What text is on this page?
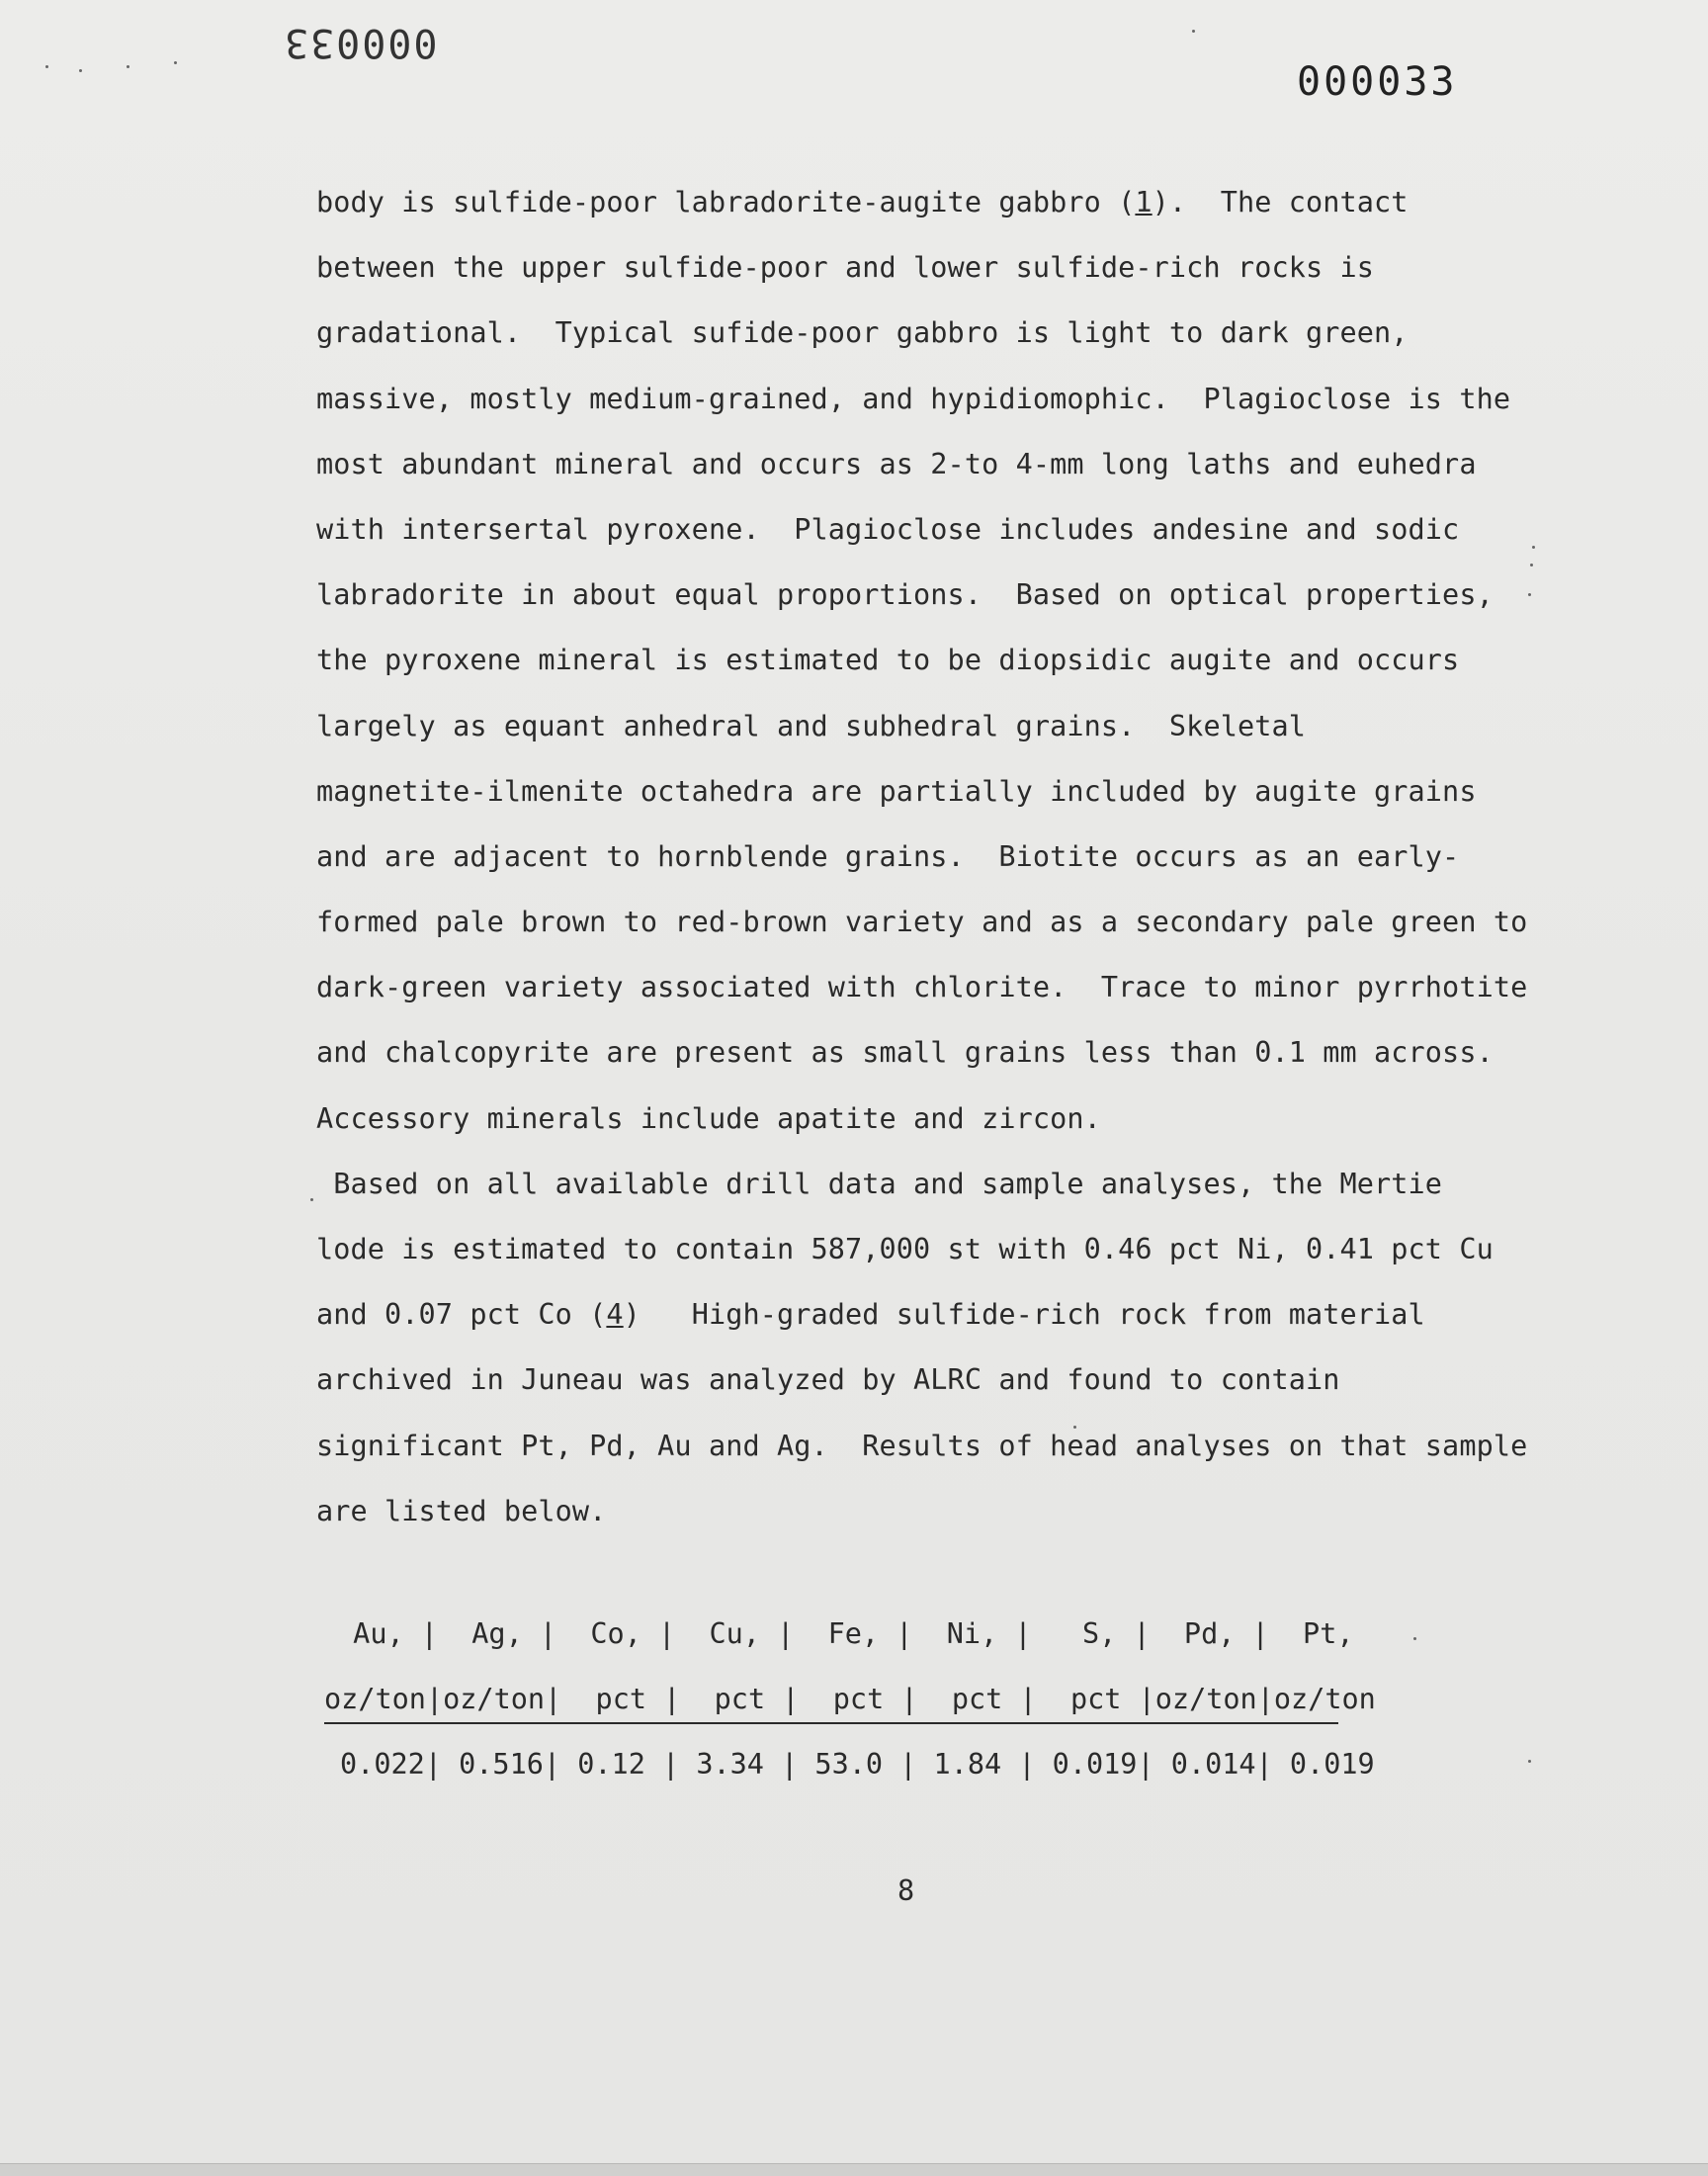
000033
000033
body is sulfide-poor labradorite-augite gabbro (1).  The contact
between the upper sulfide-poor and lower sulfide-rich rocks is
gradational.  Typical sufide-poor gabbro is light to dark green,
massive, mostly medium-grained, and hypidiomophic.  Plagioclose is the
most abundant mineral and occurs as 2-to 4-mm long laths and euhedra
with intersertal pyroxene.  Plagioclose includes andesine and sodic
labradorite in about equal proportions.  Based on optical properties,
the pyroxene mineral is estimated to be diopsidic augite and occurs
largely as equant anhedral and subhedral grains.  Skeletal
magnetite-ilmenite octahedra are partially included by augite grains
and are adjacent to hornblende grains.  Biotite occurs as an early-
formed pale brown to red-brown variety and as a secondary pale green to
dark-green variety associated with chlorite.  Trace to minor pyrrhotite
and chalcopyrite are present as small grains less than 0.1 mm across.
Accessory minerals include apatite and zircon.
Based on all available drill data and sample analyses, the Mertie
lode is estimated to contain 587,000 st with 0.46 pct Ni, 0.41 pct Cu
and 0.07 pct Co (4)   High-graded sulfide-rich rock from material
archived in Juneau was analyzed by ALRC and found to contain
significant Pt, Pd, Au and Ag.  Results of head analyses on that sample
are listed below.
Au, |  Ag, |  Co, |  Cu, |  Fe, |  Ni, |   S, |  Pd, |  Pt,
oz/ton|oz/ton|  pct |  pct |  pct |  pct |  pct |oz/ton|oz/ton
0.022| 0.516| 0.12 | 3.34 | 53.0 | 1.84 | 0.019| 0.014| 0.019
8
